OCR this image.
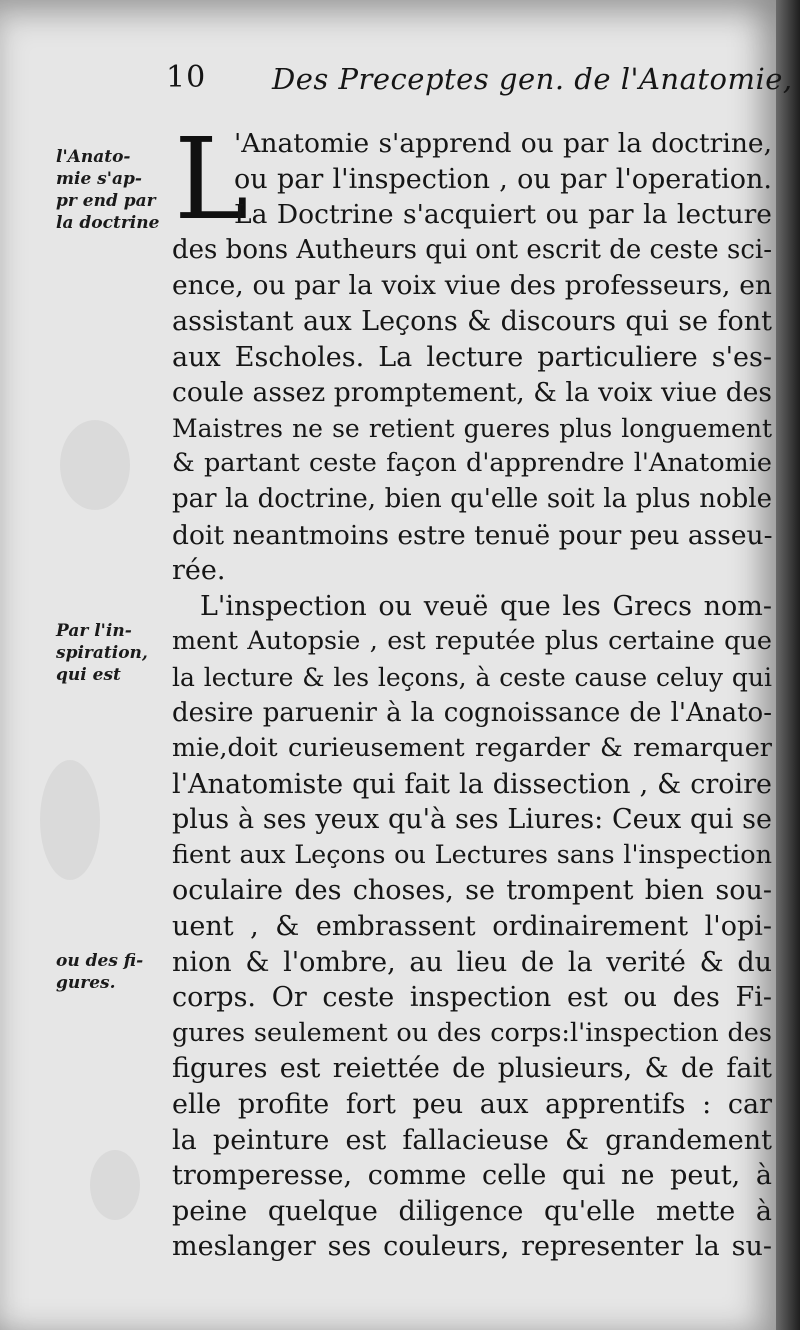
10 Des Preceptes gen. de l'Anatomie,
l'Anato-
mie s'ap-
pr end par
la doctrine
Par l'in-
spiration,
qui est
ou des fi-
gures.
L
'Anatomie s'apprend ou par la doctrine,
ou par l'inspection , ou par l'operation.
La Doctrine s'acquiert ou par la lecture
des bons Autheurs qui ont escrit de ceste sci-
ence, ou par la voix viue des professeurs, en
assistant aux Leçons & discours qui se font
aux Escholes. La lecture particuliere s'es-
coule assez promptement, & la voix viue des
Maistres ne se retient gueres plus longuement
& partant ceste façon d'apprendre l'Anatomie
par la doctrine, bien qu'elle soit la plus noble
doit neantmoins estre tenuë pour peu asseu-
rée.
L'inspection ou veuë que les Grecs nom-
ment Autopsie , est reputée plus certaine que
la lecture & les leçons, à ceste cause celuy qui
desire paruenir à la cognoissance de l'Anato-
mie,doit curieusement regarder & remarquer
l'Anatomiste qui fait la dissection , & croire
plus à ses yeux qu'à ses Liures: Ceux qui se
fient aux Leçons ou Lectures sans l'inspection
oculaire des choses, se trompent bien sou-
uent , & embrassent ordinairement l'opi-
nion & l'ombre, au lieu de la verité & du
corps. Or ceste inspection est ou des Fi-
gures seulement ou des corps:l'inspection des
figures est reiettée de plusieurs, & de fait
elle profite fort peu aux apprentifs : car
la peinture est fallacieuse & grandement
tromperesse, comme celle qui ne peut, à
peine quelque diligence qu'elle mette à
meslanger ses couleurs, representer la su-
